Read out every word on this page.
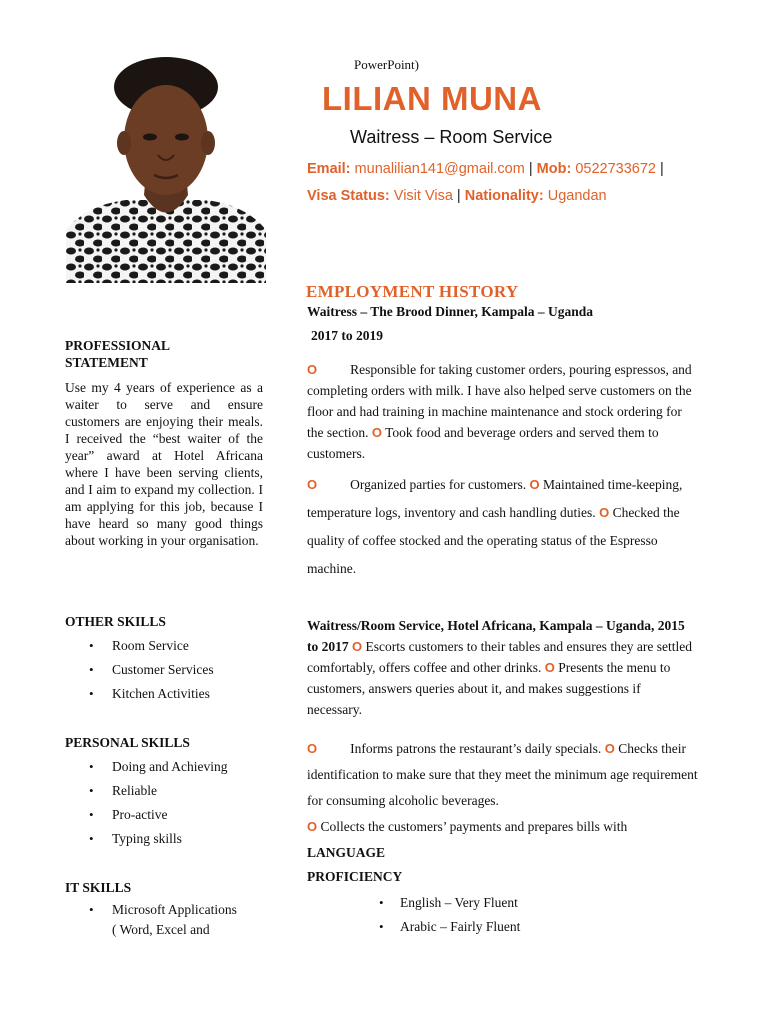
PowerPoint)
LILIAN MUNA
Waitress – Room Service
Email: munalilian141@gmail.com | Mob: 0522733672 |
Visa Status: Visit Visa | Nationality: Ugandan
PROFESSIONAL
STATEMENT
Use my 4 years of experience as a waiter to serve and ensure customers are enjoying their meals. I received the “best waiter of the year” award at Hotel Africana where I have been serving clients, and I aim to expand my collection. I am applying for this job, because I have heard so many good things about working in your organisation.
OTHER SKILLS
• Room Service
• Customer Services
• Kitchen Activities
PERSONAL SKILLS
• Doing and Achieving
• Reliable
• Pro-active
• Typing skills
IT SKILLS
• Microsoft Applications
( Word, Excel and
EMPLOYMENT HISTORY
Waitress – The Brood Dinner, Kampala – Uganda
2017 to 2019
O Responsible for taking customer orders, pouring espressos, and completing orders with milk. I have also helped serve customers on the floor and had training in machine maintenance and stock ordering for the section. O Took food and beverage orders and served them to customers.
O Organized parties for customers. O Maintained time-keeping, temperature logs, inventory and cash handling duties. O Checked the quality of coffee stocked and the operating status of the Espresso machine.
Waitress/Room Service, Hotel Africana, Kampala – Uganda, 2015 to 2017 O Escorts customers to their tables and ensures they are settled comfortably, offers coffee and other drinks. O Presents the menu to customers, answers queries about it, and makes suggestions if necessary.
O Informs patrons the restaurant’s daily specials. O Checks their identification to make sure that they meet the minimum age requirement for consuming alcoholic beverages.
O Collects the customers’ payments and prepares bills with
LANGUAGE
PROFICIENCY
• English – Very Fluent
• Arabic – Fairly Fluent
